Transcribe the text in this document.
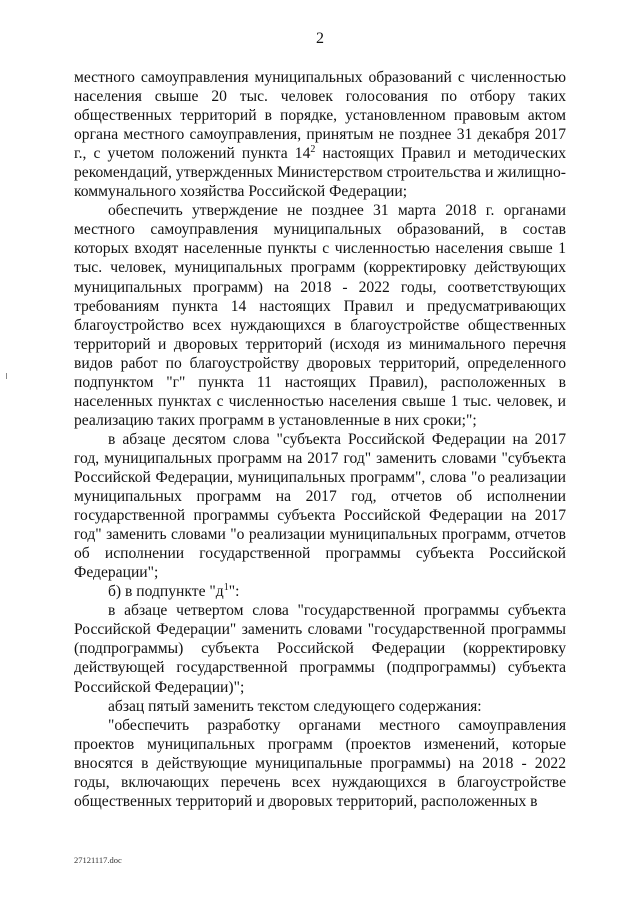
2

местного самоуправления муниципальных образований с численностью населения свыше 20 тыс. человек голосования по отбору таких общественных территорий в порядке, установленном правовым актом органа местного самоуправления, принятым не позднее 31 декабря 2017 г., с учетом положений пункта $14^2$ настоящих Правил и методических рекомендаций, утвержденных Министерством строительства и жилищно-коммунального хозяйства Российской Федерации;

обеспечить утверждение не позднее 31 марта 2018 г. органами местного самоуправления муниципальных образований, в состав которых входят населенные пункты с численностью населения свыше 1 тыс. человек, муниципальных программ (корректировку действующих муниципальных программ) на 2018 - 2022 годы, соответствующих требованиям пункта 14 настоящих Правил и предусматривающих благоустройство всех нуждающихся в благоустройстве общественных территорий и дворовых территорий (исходя из минимального перечня видов работ по благоустройству дворовых территорий, определенного подпунктом "г" пункта 11 настоящих Правил), расположенных в населенных пунктах с численностью населения свыше 1 тыс. человек, и реализацию таких программ в установленные в них сроки;";

в абзаце десятом слова "субъекта Российской Федерации на 2017 год, муниципальных программ на 2017 год" заменить словами "субъекта Российской Федерации, муниципальных программ", слова "о реализации муниципальных программ на 2017 год, отчетов об исполнении государственной программы субъекта Российской Федерации на 2017 год" заменить словами "о реализации муниципальных программ, отчетов об исполнении государственной программы субъекта Российской Федерации";

б) в подпункте "$д^1$":

в абзаце четвертом слова "государственной программы субъекта Российской Федерации" заменить словами "государственной программы (подпрограммы) субъекта Российской Федерации (корректировку действующей государственной программы (подпрограммы) субъекта Российской Федерации)";

абзац пятый заменить текстом следующего содержания:

"обеспечить разработку органами местного самоуправления проектов муниципальных программ (проектов изменений, которые вносятся в действующие муниципальные программы) на 2018 - 2022 годы, включающих перечень всех нуждающихся в благоустройстве общественных территорий и дворовых территорий, расположенных в

27121117.doc
